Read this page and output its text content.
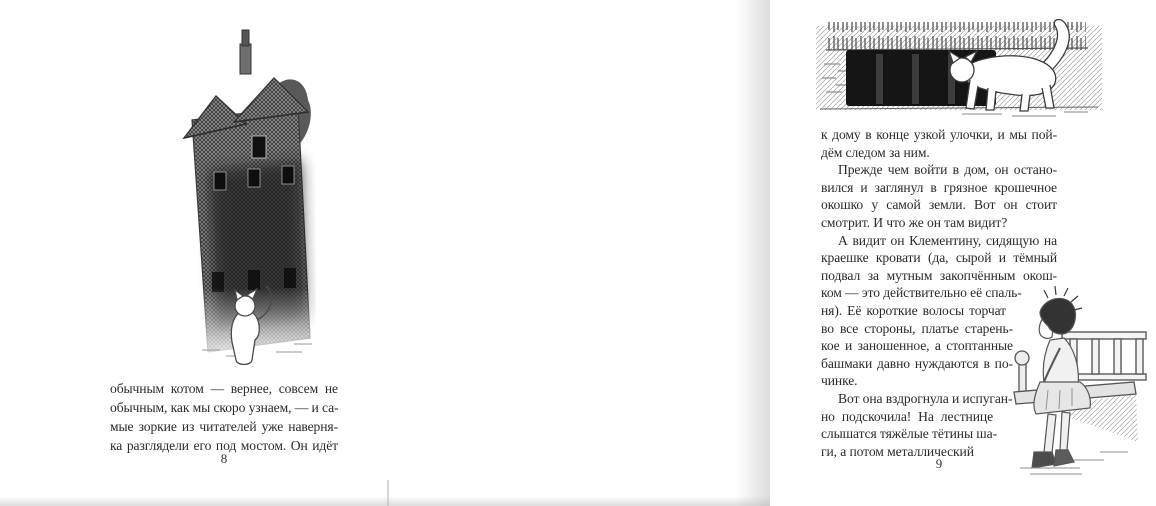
обычным котом — вернее, совсем не
обычным, как мы скоро узнаем, — и са-
мые зоркие из читателей уже наверня-
ка разглядели его под мостом. Он идёт
8
к дому в конце узкой улочки, и мы пой-
дём следом за ним.
Прежде чем войти в дом, он остано-
вился и заглянул в грязное крошечное
окошко у самой земли. Вот он стоит
смотрит. И что же он там видит?
А видит он Клементину, сидящую на
краешке кровати (да, сырой и тёмный
подвал за мутным закопчённым окош-
ком — это действительно её спаль-
ня). Её короткие волосы торчат
во все стороны, платье старень-
кое и заношенное, а стоптанные
башмаки давно нуждаются в по-
чинке.
Вот она вздрогнула и испуган-
но подскочила! На лестнице
слышатся тяжёлые тётины ша-
ги, а потом металлический
9
